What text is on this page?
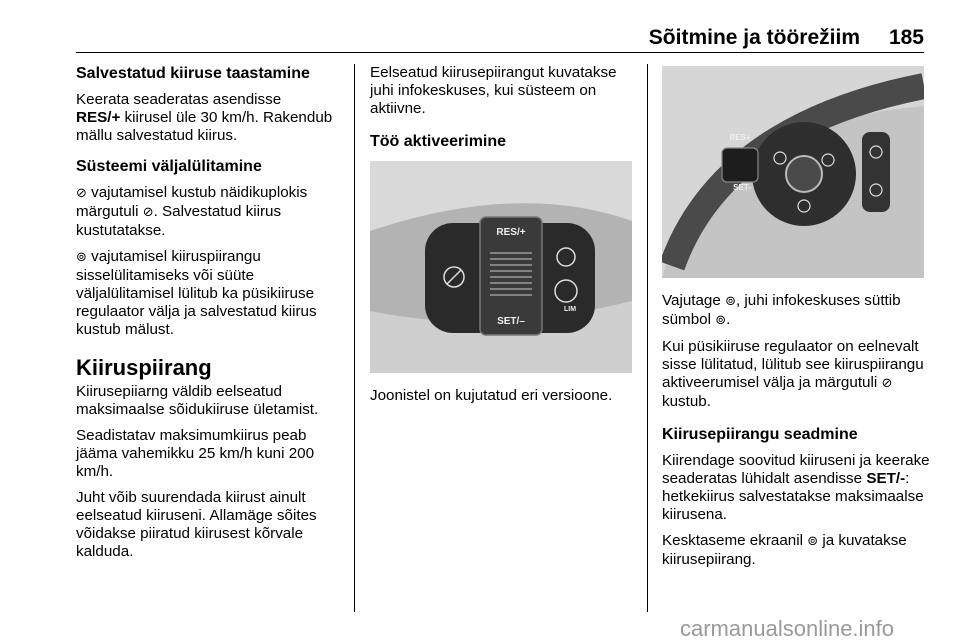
Sõitmine ja töörežiim 185
Salvestatud kiiruse taastamine

Keerata seaderatas asendisse
RES/+ kiirusel üle 30 km/h. Rakendub mällu salvestatud kiirus.

Süsteemi väljalülitamine

⊘ vajutamisel kustub näidikuplokis märgutuli ⊘. Salvestatud kiirus kustutatakse.

⊚ vajutamisel kiiruspiirangu sisselülitamiseks või süüte väljalülitamisel lülitub ka püsikiiruse regulaator välja ja salvestatud kiirus kustub mälust.

Kiiruspiirang

Kiirusepiiarng väldib eelseatud maksimaalse sõidukiiruse ületamist.

Seadistatav maksimumkiirus peab jääma vahemikku 25 km/h kuni 200 km/h.

Juht võib suurendada kiirust ainult eelseatud kiiruseni. Allamäge sõites võidakse piiratud kiirusest kõrvale kalduda.

Eelseatud kiirusepiirangut kuvatakse juhi infokeskuses, kui süsteem on aktiivne.

Töö aktiveerimine
RES/+
SET/–
LIM

Joonistel on kujutatud eri versioone.

RES+
SET-

Vajutage ⊚, juhi infokeskuses süttib sümbol ⊚.

Kui püsikiiruse regulaator on eelnevalt sisse lülitatud, lülitub see kiiruspiirangu aktiveerumisel välja ja märgutuli ⊘ kustub.

Kiirusepiirangu seadmine

Kiirendage soovitud kiiruseni ja keerake seaderatas lühidalt asendisse SET/-: hetkekiirus salvestatakse maksimaalse kiirusena.

Kesktaseme ekraanil ⊚ ja kuvatakse kiirusepiirang.

carmanualsonline.info
